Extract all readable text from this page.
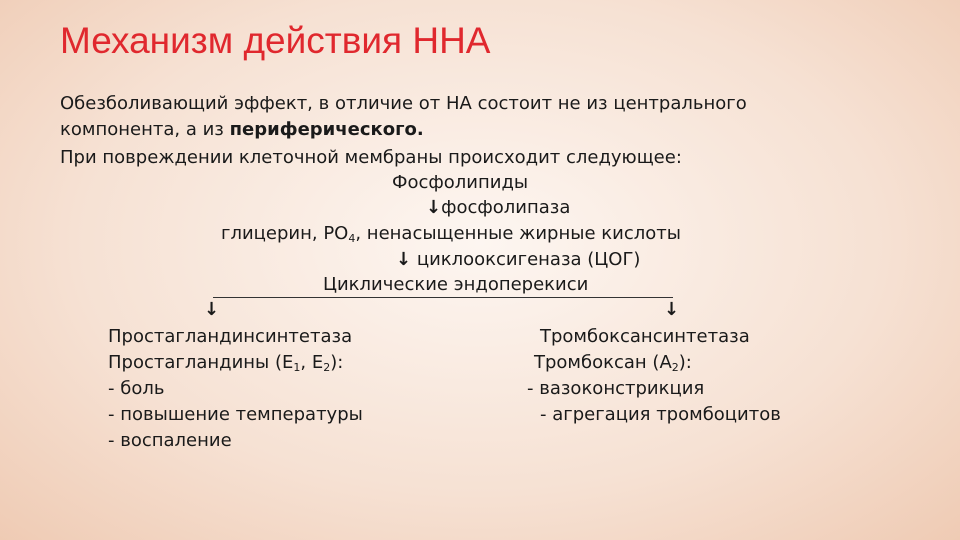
Механизм действия ННА
Обезболивающий эффект, в отличие от НА состоит не из центрального
компонента, а из периферического.
При повреждении клеточной мембраны происходит следующее:
Фосфолипиды
↓фосфолипаза
глицерин, $PO_4$, ненасыщенные жирные кислоты
↓ циклооксигеназа (ЦОГ)
Циклические эндоперекиси
↓	↓
Простагландинсинтетаза
Простагландины ($Е_1$, $Е_2$):
- боль
- повышение температуры
- воспаление
Тромбоксансинтетаза
Тромбоксан $(А_2)$:
- вазоконстрикция
- агрегация тромбоцитов
